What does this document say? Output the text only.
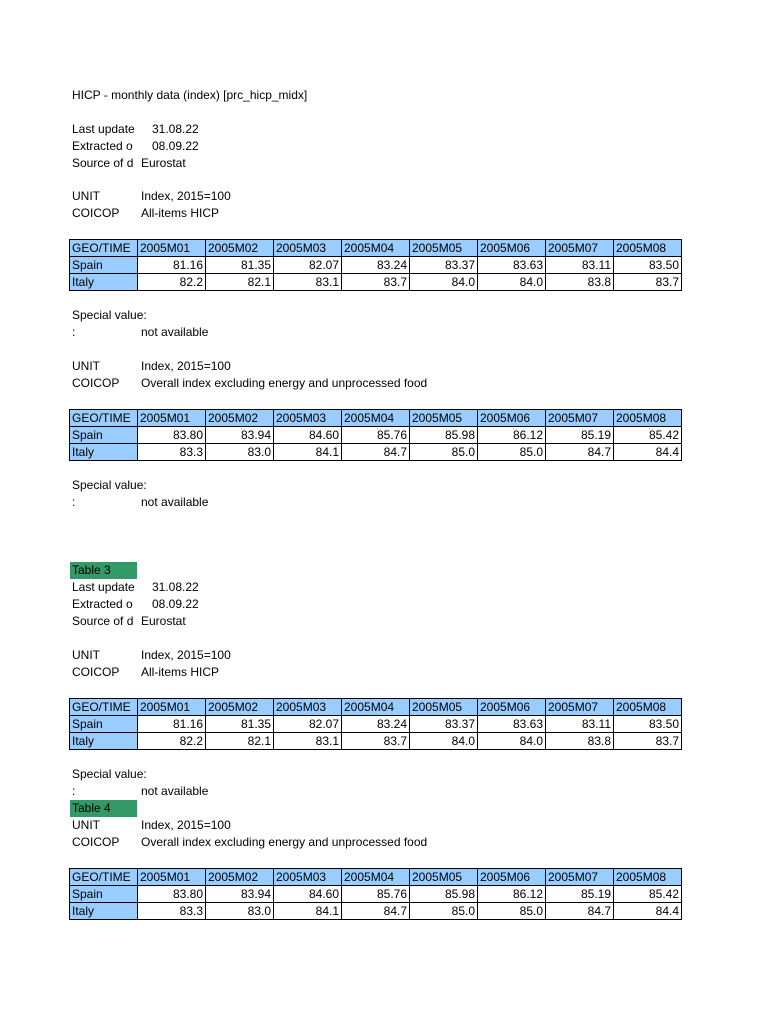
HICP - monthly data (index) [prc_hicp_midx]
Last update 31.08.22
Extracted o 08.09.22
Source of d Eurostat
UNIT	Index, 2015=100
COICOP All-items HICP
GEO/TIME	2005M01	2005M02	2005M03	2005M04	2005M05	2005M06	2005M07	2005M08
Spain	81.16	81.35	82.07	83.24	83.37	83.63	83.11	83.50
Italy	82.2	82.1	83.1	83.7	84.0	84.0	83.8	83.7
Special value:
:	not available
UNIT	Index, 2015=100
COICOP Overall index excluding energy and unprocessed food
GEO/TIME	2005M01	2005M02	2005M03	2005M04	2005M05	2005M06	2005M07	2005M08
Spain	83.80	83.94	84.60	85.76	85.98	86.12	85.19	85.42
Italy	83.3	83.0	84.1	84.7	85.0	85.0	84.7	84.4
Special value:
:	not available
Table 3
Last update 31.08.22
Extracted o 08.09.22
Source of d Eurostat
UNIT	Index, 2015=100
COICOP All-items HICP
GEO/TIME	2005M01	2005M02	2005M03	2005M04	2005M05	2005M06	2005M07	2005M08
Spain	81.16	81.35	82.07	83.24	83.37	83.63	83.11	83.50
Italy	82.2	82.1	83.1	83.7	84.0	84.0	83.8	83.7
Special value:
:	not available
Table 4
UNIT	Index, 2015=100
COICOP Overall index excluding energy and unprocessed food
GEO/TIME	2005M01	2005M02	2005M03	2005M04	2005M05	2005M06	2005M07	2005M08
Spain	83.80	83.94	84.60	85.76	85.98	86.12	85.19	85.42
Italy	83.3	83.0	84.1	84.7	85.0	85.0	84.7	84.4
